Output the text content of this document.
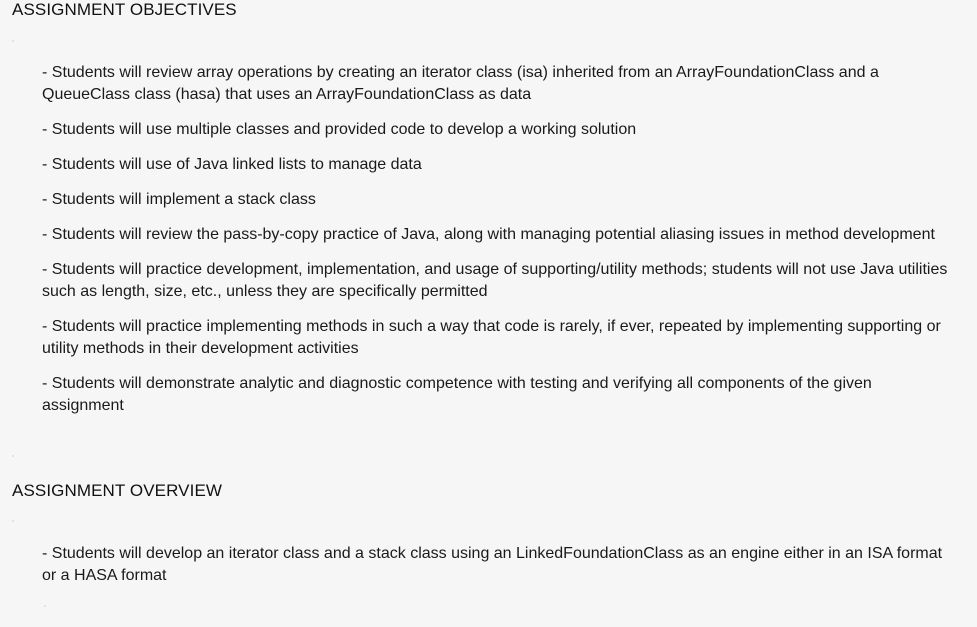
ASSIGNMENT OBJECTIVES
- Students will review array operations by creating an iterator class (isa) inherited from an ArrayFoundationClass and a QueueClass class (hasa) that uses an ArrayFoundationClass as data
- Students will use multiple classes and provided code to develop a working solution
- Students will use of Java linked lists to manage data
- Students will implement a stack class
- Students will review the pass-by-copy practice of Java, along with managing potential aliasing issues in method development
- Students will practice development, implementation, and usage of supporting/utility methods; students will not use Java utilities such as length, size, etc., unless they are specifically permitted
- Students will practice implementing methods in such a way that code is rarely, if ever, repeated by implementing supporting or utility methods in their development activities
- Students will demonstrate analytic and diagnostic competence with testing and verifying all components of the given assignment
ASSIGNMENT OVERVIEW
- Students will develop an iterator class and a stack class using an LinkedFoundationClass as an engine either in an ISA format or a HASA format
